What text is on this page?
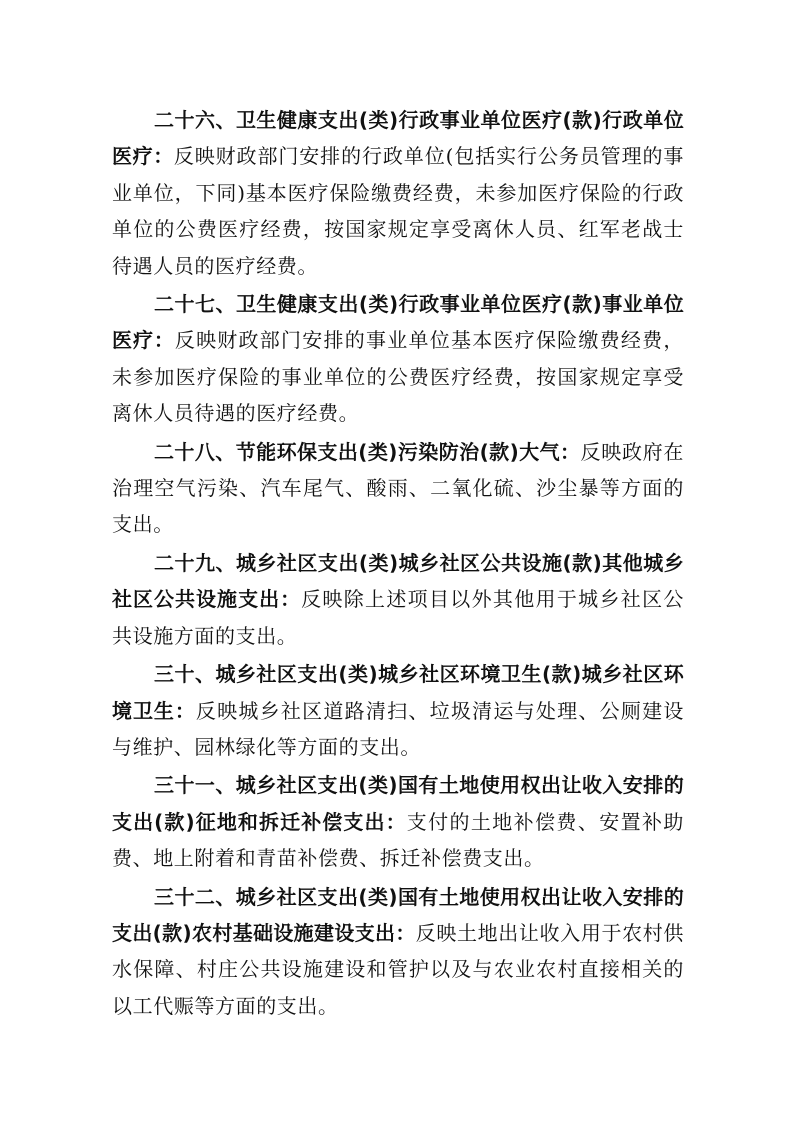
二十六、卫生健康支出(类)行政事业单位医疗(款)行政单位医疗：反映财政部门安排的行政单位(包括实行公务员管理的事业单位，下同)基本医疗保险缴费经费，未参加医疗保险的行政单位的公费医疗经费，按国家规定享受离休人员、红军老战士待遇人员的医疗经费。

二十七、卫生健康支出(类)行政事业单位医疗(款)事业单位医疗：反映财政部门安排的事业单位基本医疗保险缴费经费，未参加医疗保险的事业单位的公费医疗经费，按国家规定享受离休人员待遇的医疗经费。

二十八、节能环保支出(类)污染防治(款)大气：反映政府在治理空气污染、汽车尾气、酸雨、二氧化硫、沙尘暴等方面的支出。

二十九、城乡社区支出(类)城乡社区公共设施(款)其他城乡社区公共设施支出：反映除上述项目以外其他用于城乡社区公共设施方面的支出。

三十、城乡社区支出(类)城乡社区环境卫生(款)城乡社区环境卫生：反映城乡社区道路清扫、垃圾清运与处理、公厕建设与维护、园林绿化等方面的支出。

三十一、城乡社区支出(类)国有土地使用权出让收入安排的支出(款)征地和拆迁补偿支出：支付的土地补偿费、安置补助费、地上附着和青苗补偿费、拆迁补偿费支出。

三十二、城乡社区支出(类)国有土地使用权出让收入安排的支出(款)农村基础设施建设支出：反映土地出让收入用于农村供水保障、村庄公共设施建设和管护以及与农业农村直接相关的以工代赈等方面的支出。
